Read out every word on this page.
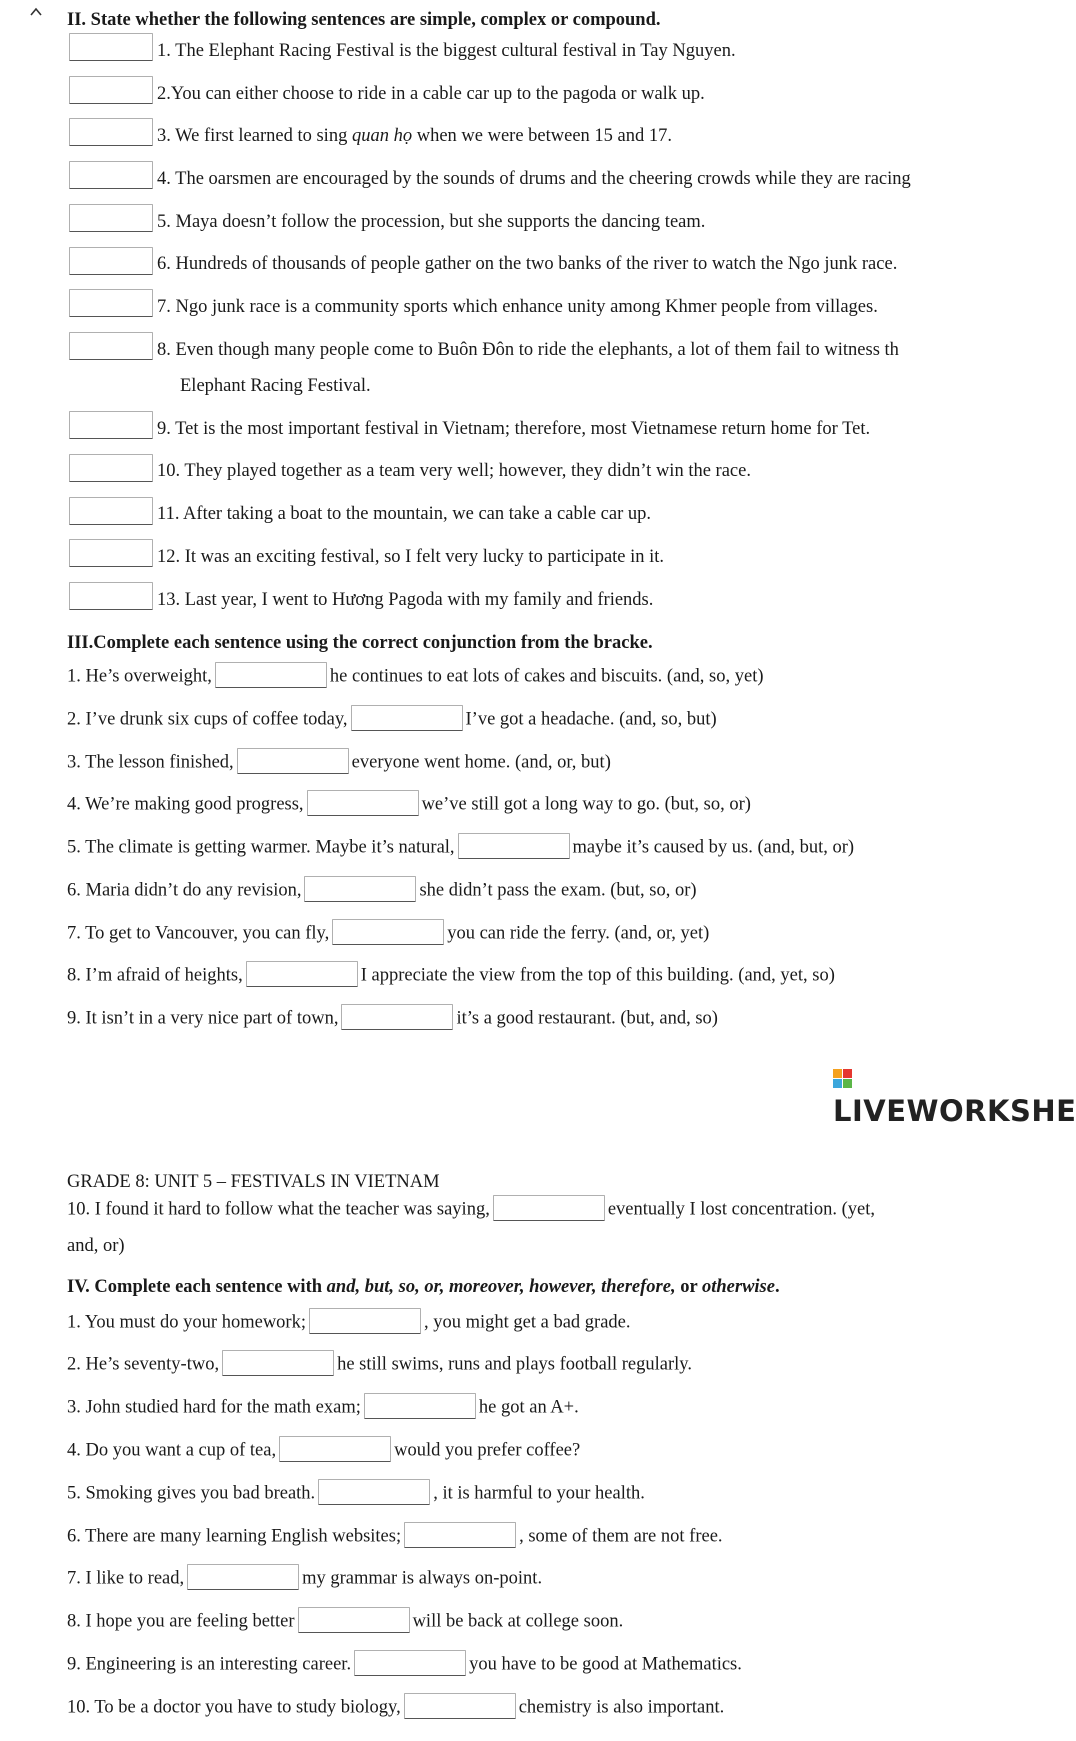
II. State whether the following sentences are simple, complex or compound.
1. The Elephant Racing Festival is the biggest cultural festival in Tay Nguyen.
2.You can either choose to ride in a cable car up to the pagoda or walk up.
3. We first learned to sing quan họ when we were between 15 and 17.
4. The oarsmen are encouraged by the sounds of drums and the cheering crowds while they are racing
5. Maya doesn’t follow the procession, but she supports the dancing team.
6. Hundreds of thousands of people gather on the two banks of the river to watch the Ngo junk race.
7. Ngo junk race is a community sports which enhance unity among Khmer people from villages.
8. Even though many people come to Buôn Đôn to ride the elephants, a lot of them fail to witness th
Elephant Racing Festival.
9. Tet is the most important festival in Vietnam; therefore, most Vietnamese return home for Tet.
10. They played together as a team very well; however, they didn’t win the race.
11. After taking a boat to the mountain, we can take a cable car up.
12. It was an exciting festival, so I felt very lucky to participate in it.
13. Last year, I went to Hương Pagoda with my family and friends.
III.Complete each sentence using the correct conjunction from the bracke.
1. He’s overweight,	he continues to eat lots of cakes and biscuits. (and, so, yet)
2. I’ve drunk six cups of coffee today,	I’ve got a headache. (and, so, but)
3. The lesson finished,	everyone went home. (and, or, but)
4. We’re making good progress,	we’ve still got a long way to go. (but, so, or)
5. The climate is getting warmer. Maybe it’s natural,	maybe it’s caused by us. (and, but, or)
6. Maria didn’t do any revision,	she didn’t pass the exam. (but, so, or)
7. To get to Vancouver, you can fly,	you can ride the ferry. (and, or, yet)
8. I’m afraid of heights,	I appreciate the view from the top of this building. (and, yet, so)
9. It isn’t in a very nice part of town,	it’s a good restaurant. (but, and, so)
LIVEWORKSHE
GRADE 8: UNIT 5 – FESTIVALS IN VIETNAM
10. I found it hard to follow what the teacher was saying,	eventually I lost concentration. (yet,
and, or)
IV. Complete each sentence with and, but, so, or, moreover, however, therefore, or otherwise.
1. You must do your homework;	, you might get a bad grade.
2. He’s seventy-two,	he still swims, runs and plays football regularly.
3. John studied hard for the math exam;	he got an A+.
4. Do you want a cup of tea,	would you prefer coffee?
5. Smoking gives you bad breath.	, it is harmful to your health.
6. There are many learning English websites;	, some of them are not free.
7. I like to read,	my grammar is always on-point.
8. I hope you are feeling better	will be back at college soon.
9. Engineering is an interesting career.	you have to be good at Mathematics.
10. To be a doctor you have to study biology,	chemistry is also important.
